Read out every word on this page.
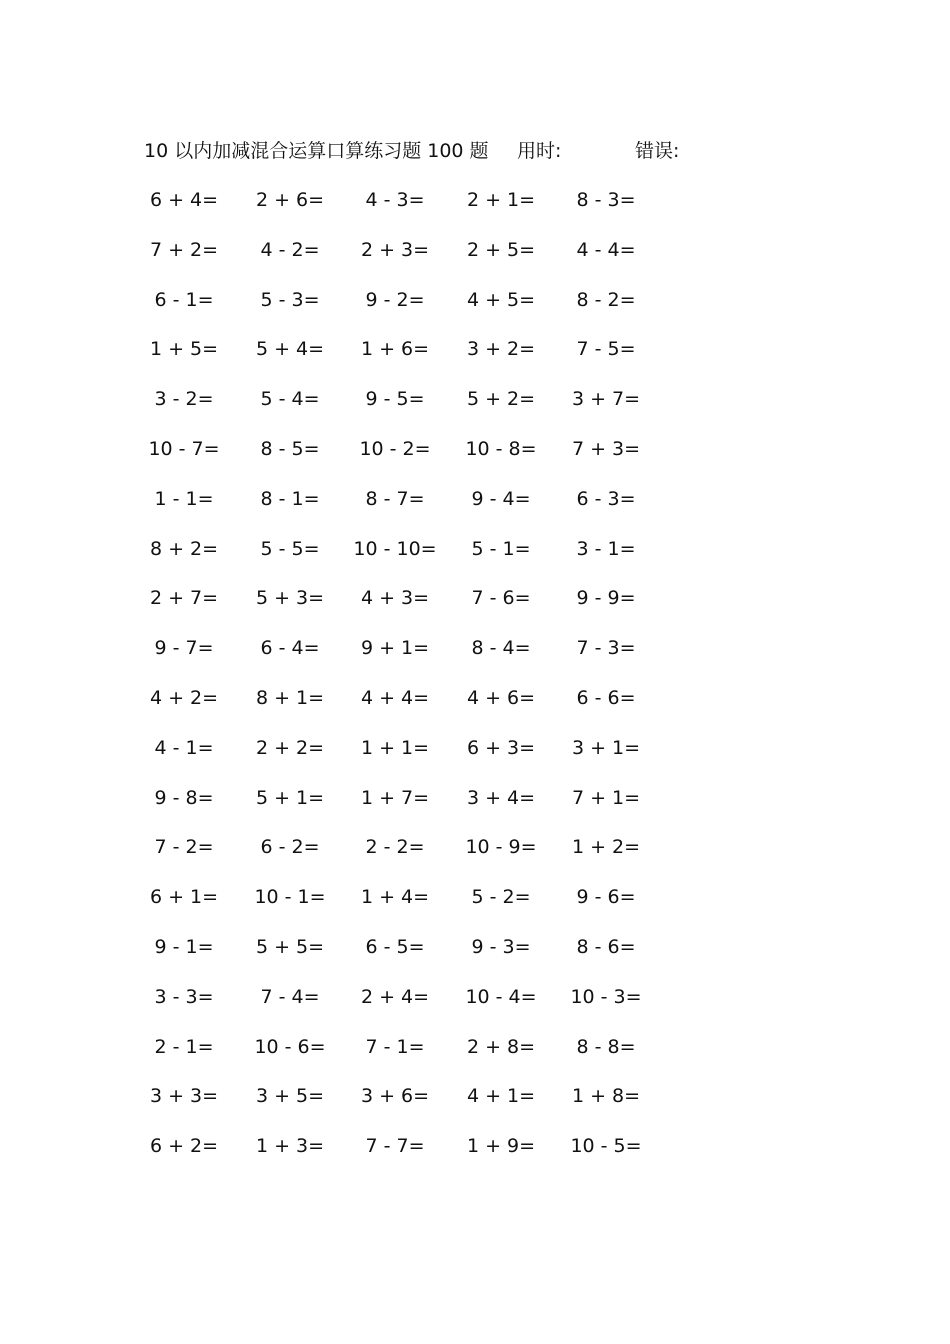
10 以内加减混合运算口算练习题 100 题 用时:	错误:
6 + 4=	2 + 6=	4 - 3=	2 + 1=	8 - 3=
7 + 2=	4 - 2=	2 + 3=	2 + 5=	4 - 4=
6 - 1=	5 - 3=	9 - 2=	4 + 5=	8 - 2=
1 + 5=	5 + 4=	1 + 6=	3 + 2=	7 - 5=
3 - 2=	5 - 4=	9 - 5=	5 + 2=	3 + 7=
10 - 7=	8 - 5=	10 - 2=	10 - 8=	7 + 3=
1 - 1=	8 - 1=	8 - 7=	9 - 4=	6 - 3=
8 + 2=	5 - 5=	10 - 10=	5 - 1=	3 - 1=
2 + 7=	5 + 3=	4 + 3=	7 - 6=	9 - 9=
9 - 7=	6 - 4=	9 + 1=	8 - 4=	7 - 3=
4 + 2=	8 + 1=	4 + 4=	4 + 6=	6 - 6=
4 - 1=	2 + 2=	1 + 1=	6 + 3=	3 + 1=
9 - 8=	5 + 1=	1 + 7=	3 + 4=	7 + 1=
7 - 2=	6 - 2=	2 - 2=	10 - 9=	1 + 2=
6 + 1=	10 - 1=	1 + 4=	5 - 2=	9 - 6=
9 - 1=	5 + 5=	6 - 5=	9 - 3=	8 - 6=
3 - 3=	7 - 4=	2 + 4=	10 - 4=	10 - 3=
2 - 1=	10 - 6=	7 - 1=	2 + 8=	8 - 8=
3 + 3=	3 + 5=	3 + 6=	4 + 1=	1 + 8=
6 + 2=	1 + 3=	7 - 7=	1 + 9=	10 - 5=
